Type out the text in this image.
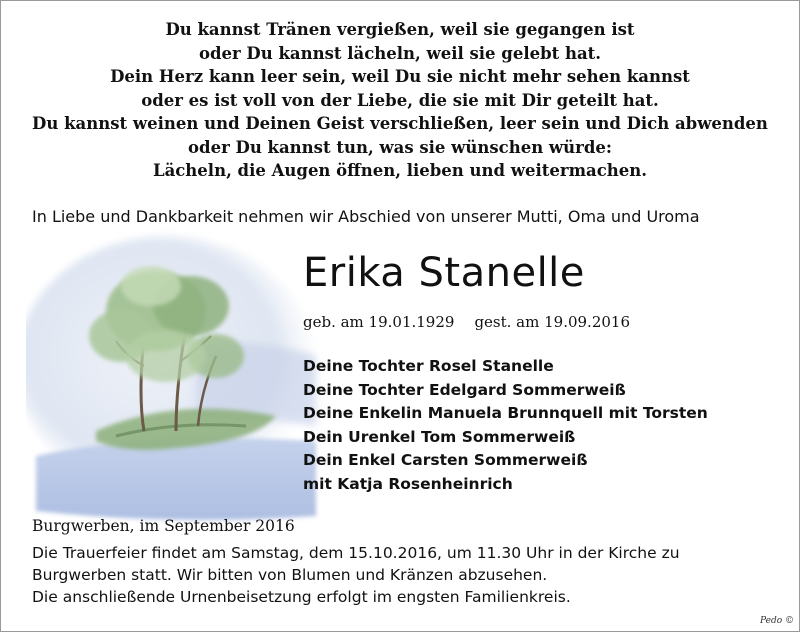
Du kannst Tränen vergießen, weil sie gegangen ist
oder Du kannst lächeln, weil sie gelebt hat.
Dein Herz kann leer sein, weil Du sie nicht mehr sehen kannst
oder es ist voll von der Liebe, die sie mit Dir geteilt hat.
Du kannst weinen und Deinen Geist verschließen, leer sein und Dich abwenden
oder Du kannst tun, was sie wünschen würde:
Lächeln, die Augen öffnen, lieben und weitermachen.
In Liebe und Dankbarkeit nehmen wir Abschied von unserer Mutti, Oma und Uroma
Erika Stanelle
geb. am 19.01.1929 gest. am 19.09.2016
Deine Tochter Rosel Stanelle
Deine Tochter Edelgard Sommerweiß
Deine Enkelin Manuela Brunnquell mit Torsten
Dein Urenkel Tom Sommerweiß
Dein Enkel Carsten Sommerweiß
mit Katja Rosenheinrich
Burgwerben, im September 2016
Die Trauerfeier findet am Samstag, dem 15.10.2016, um 11.30 Uhr in der Kirche zu
Burgwerben statt. Wir bitten von Blumen und Kränzen abzusehen.
Die anschließende Urnenbeisetzung erfolgt im engsten Familienkreis.
Pedo ©
